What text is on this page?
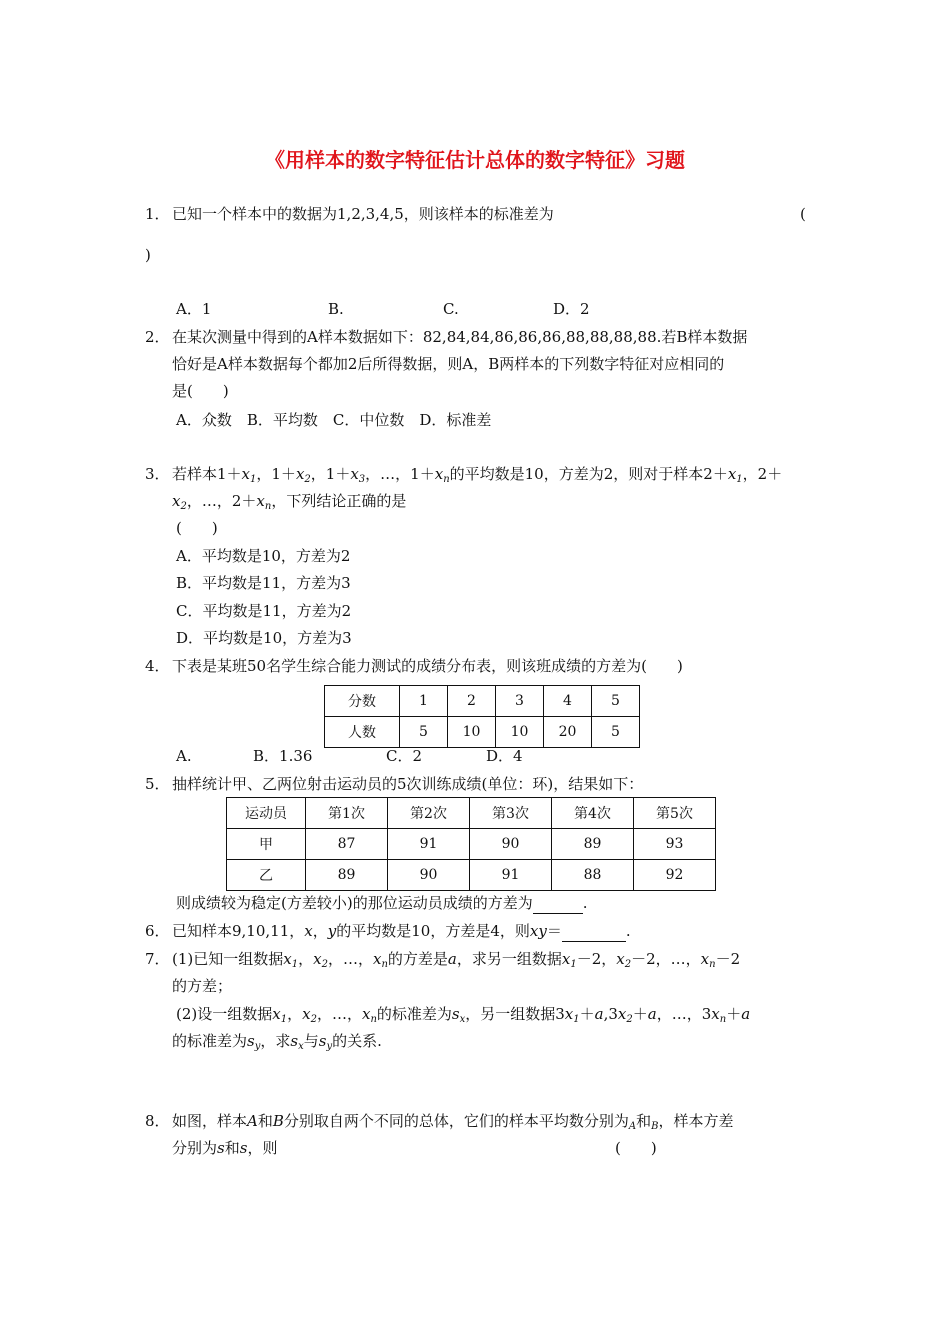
《用样本的数字特征估计总体的数字特征》习题
1． 已知一个样本中的数据为1,2,3,4,5，则该样本的标准差为	(
)
A．1	B.	C.	D．2
2． 在某次测量中得到的A样本数据如下：82,84,84,86,86,86,88,88,88,88.若B样本数据
恰好是A样本数据每个都加2后所得数据，则A，B两样本的下列数字特征对应相同的
是(　　)
A．众数　B．平均数　C．中位数　D．标准差
3． 若样本$1+x_1$，$1+x_2$，$1+x_3$，…，$1+x_n$的平均数是10，方差为2，则对于样本$2+x_1$，2＋
$x_2$，…，$2+x_n$，下列结论正确的是
(　　)
A．平均数是10，方差为2
B．平均数是11，方差为3
C．平均数是11，方差为2
D．平均数是10，方差为3
4． 下表是某班50名学生综合能力测试的成绩分布表，则该班成绩的方差为(　　)
分数	1	2	3	4	5
人数	5	10	10	20	5
A.	B．1.36	C．2	D．4
5． 抽样统计甲、乙两位射击运动员的5次训练成绩(单位：环)，结果如下：
运动员	第1次	第2次	第3次	第4次	第5次
甲	87	91	90	89	93
乙	89	90	91	88	92
则成绩较为稳定(方差较小)的那位运动员成绩的方差为	.
6． 已知样本9,10,11，x，y的平均数是10，方差是4，则xy＝	.
7． (1)已知一组数据$x_1$，$x_2$，…，$x_n$的方差是a，求另一组数据$x_1-2$，$x_2-2$，…，$x_n-2$
的方差；
(2)设一组数据$x_1$，$x_2$，…，$x_n$的标准差为$s_x$，另一组数据$3x_1+a,3x_2+a$，…，$3x_n+a$
的标准差为$s_y$，求$s_x$与$s_y$的关系.
8． 如图，样本A和B分别取自两个不同的总体，它们的样本平均数分别为$_A$和$_B$，样本方差
分别为s和s，则	(　　)
